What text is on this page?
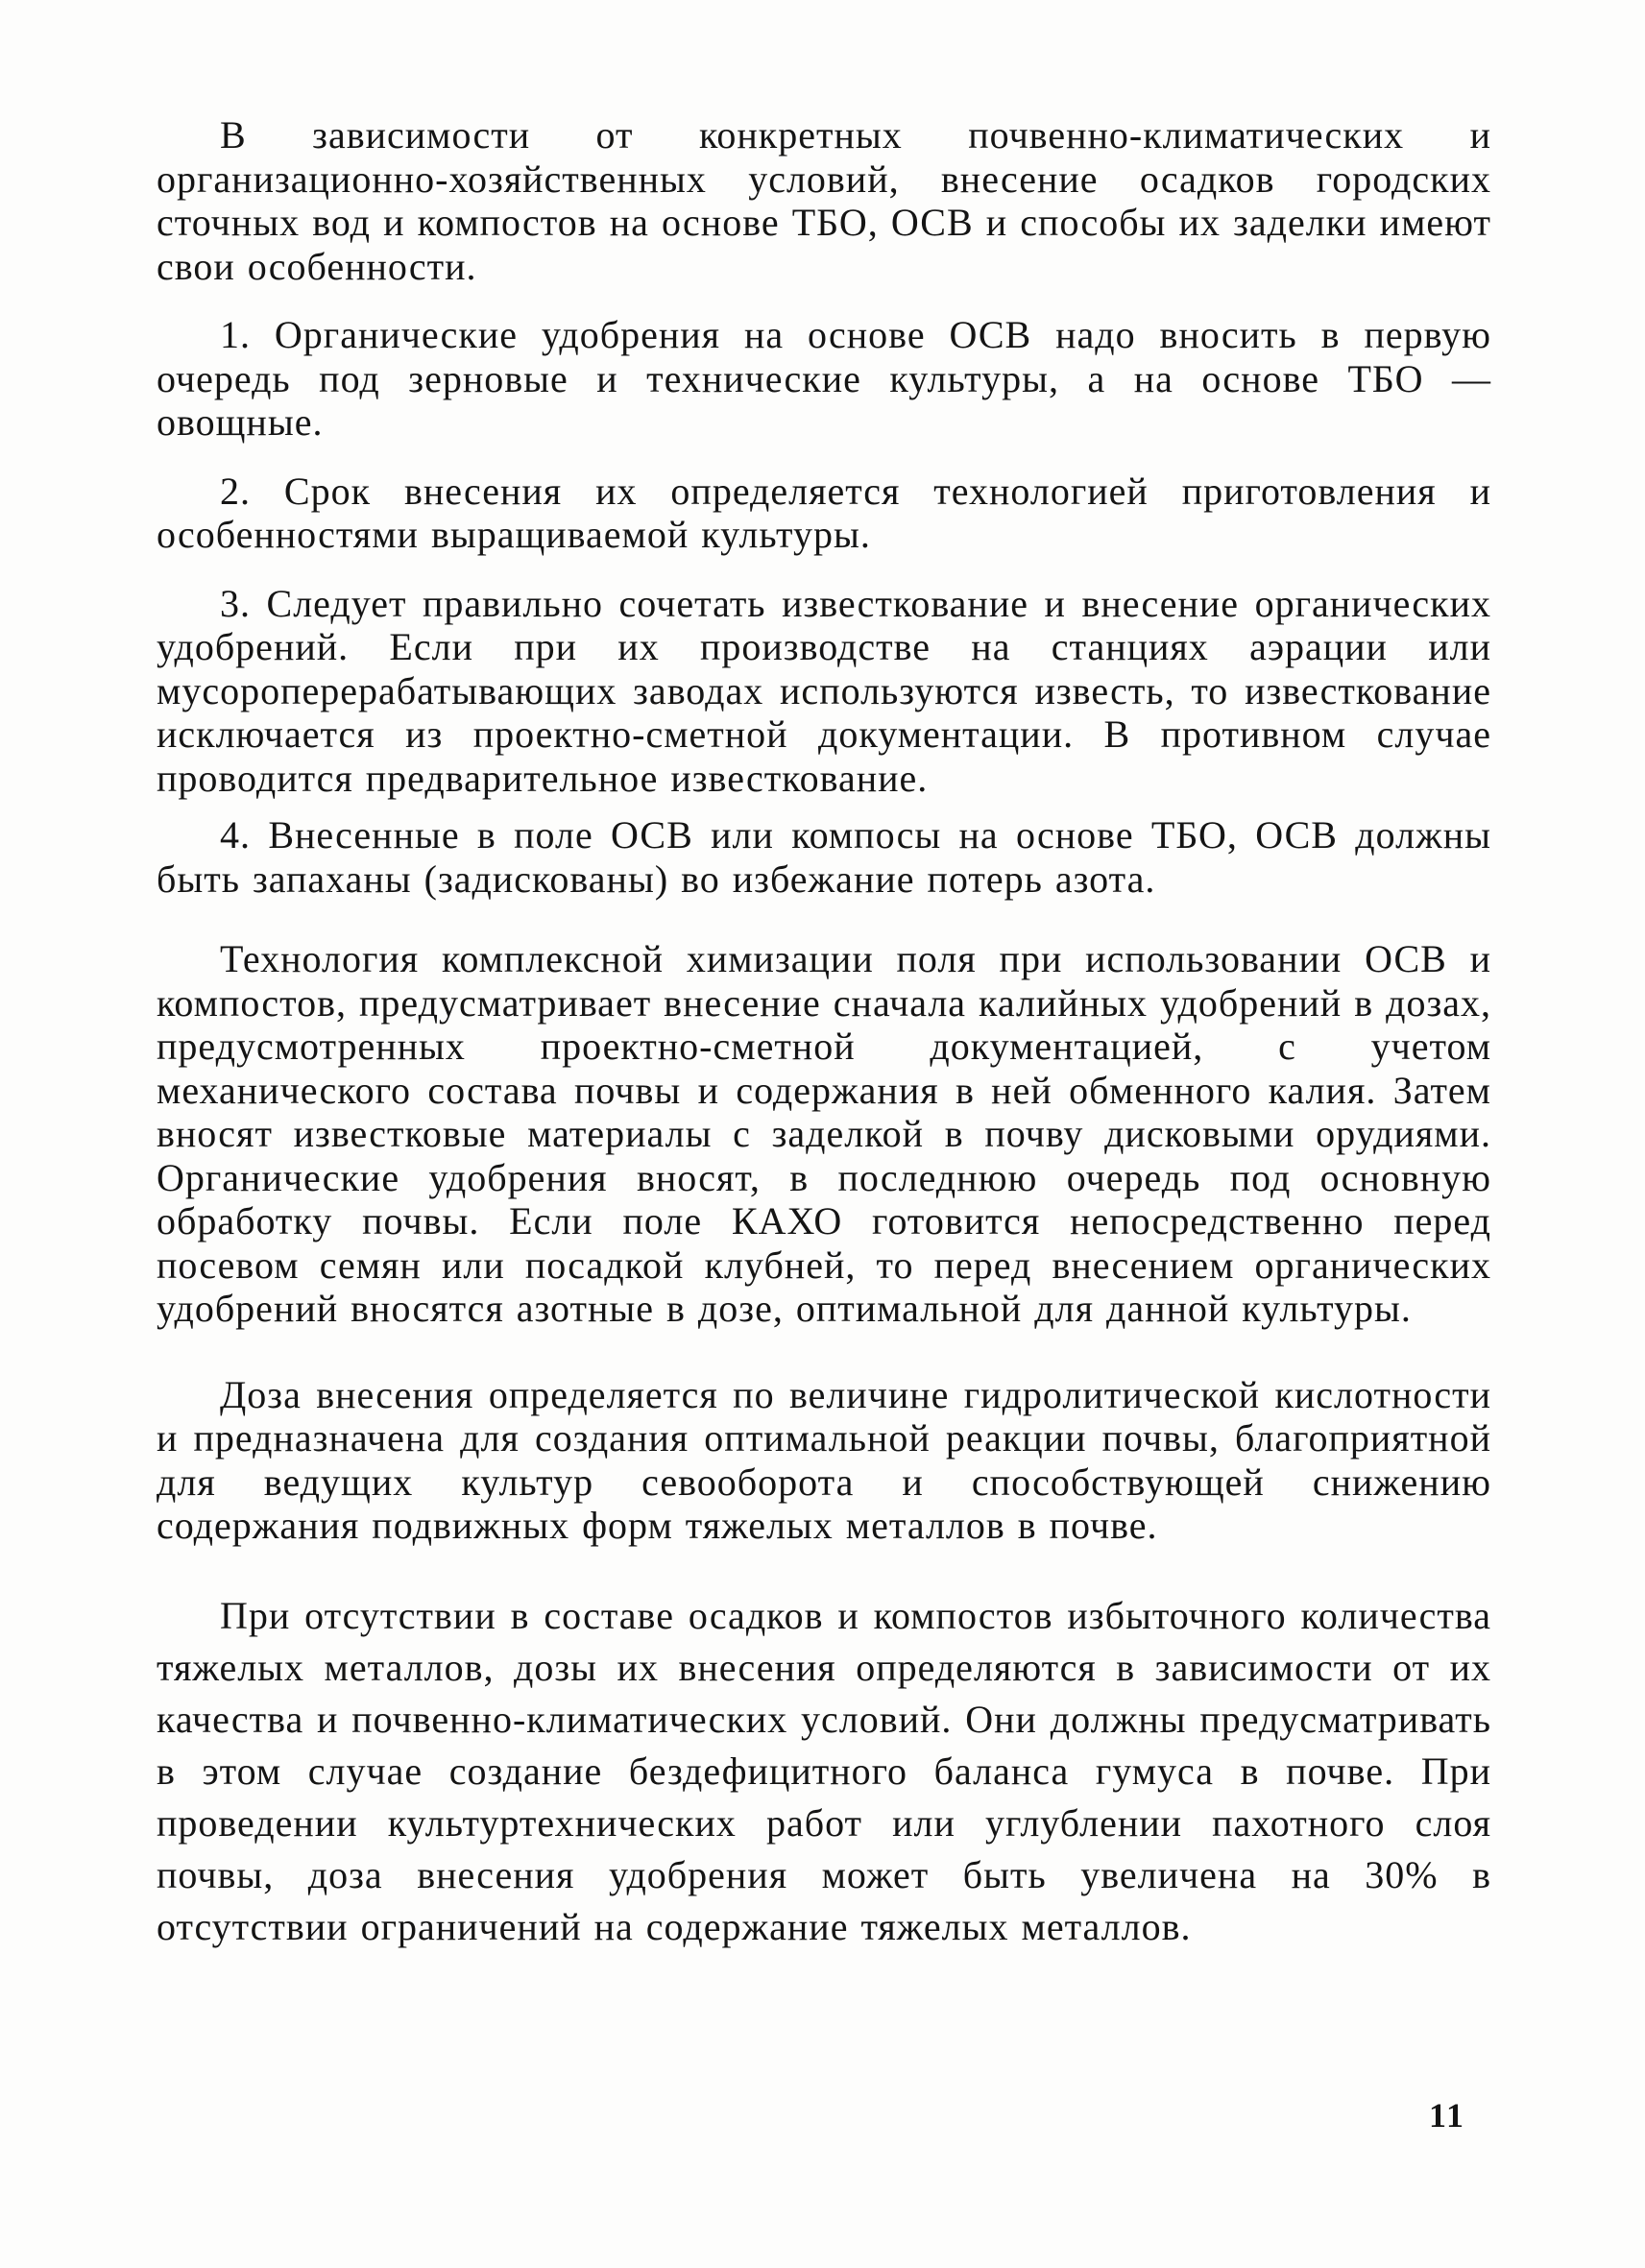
В зависимости от конкретных почвенно-климатических и организационно-хозяйственных условий, внесение осадков городских сточных вод и компостов на основе ТБО, ОСВ и способы их заделки имеют свои особенности.

1. Органические удобрения на основе ОСВ надо вносить в первую очередь под зерновые и технические культуры, а на основе ТБО — овощные.

2. Срок внесения их определяется технологией приготовления и особенностями выращиваемой культуры.

3. Следует правильно сочетать известкование и внесение органических удобрений. Если при их производстве на станциях аэрации или мусороперерабатывающих заводах используются известь, то известкование исключается из проектно-сметной документации. В противном случае проводится предварительное известкование.

4. Внесенные в поле ОСВ или компосы на основе ТБО, ОСВ должны быть запаханы (задискованы) во избежание потерь азота.

Технология комплексной химизации поля при использовании ОСВ и компостов, предусматривает внесение сначала калийных удобрений в дозах, предусмотренных проектно-сметной документацией, с учетом механического состава почвы и содержания в ней обменного калия. Затем вносят известковые материалы с заделкой в почву дисковыми орудиями. Органические удобрения вносят, в последнюю очередь под основную обработку почвы. Если поле КАХО готовится непосредственно перед посевом семян или посадкой клубней, то перед внесением органических удобрений вносятся азотные в дозе, оптимальной для данной культуры.

Доза внесения определяется по величине гидролитической кислотности и предназначена для создания оптимальной реакции почвы, благоприятной для ведущих культур севооборота и способствующей снижению содержания подвижных форм тяжелых металлов в почве.

При отсутствии в составе осадков и компостов избыточного количества тяжелых металлов, дозы их внесения определяются в зависимости от их качества и почвенно-климатических условий. Они должны предусматривать в этом случае создание бездефицитного баланса гумуса в почве. При проведении культуртехнических работ или углублении пахотного слоя почвы, доза внесения удобрения может быть увеличена на 30% в отсутствии ограничений на содержание тяжелых металлов.

11
